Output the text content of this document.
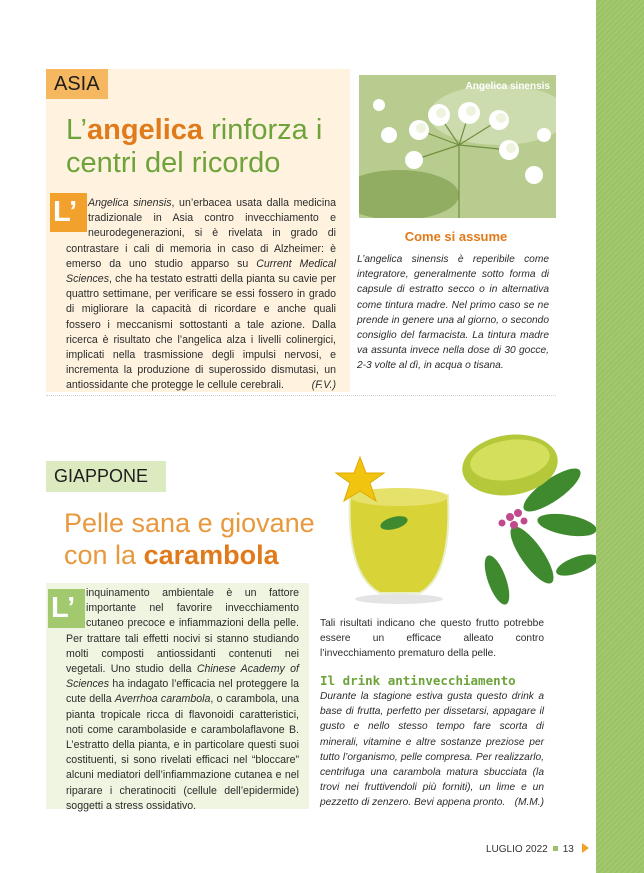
ASIA
L’angelica rinforza i centri del ricordo
L’	Angelica sinensis, un’erbacea usata dalla medicina tradizionale in Asia contro invecchiamento e neurodegenerazioni, si è rivelata in grado di contrastare i cali di memoria in caso di Alzheimer: è emerso da uno studio apparso su Current Medical Sciences, che ha testato estratti della pianta su cavie per quattro settimane, per verificare se essi fossero in grado di migliorare la capacità di ricordare e anche quali fossero i meccanismi sottostanti a tale azione. Dalla ricerca è risultato che l’angelica alza i livelli colinergici, implicati nella trasmissione degli impulsi nervosi, e incrementa la produzione di superossido dismutasi, un antiossidante che protegge le cellule cerebrali.	(F.V.)

Angelica sinensis
Come si assume

L’angelica sinensis è reperibile come integratore, generalmente sotto forma di capsule di estratto secco o in alternativa come tintura madre. Nel primo caso se ne prende in genere una al giorno, o secondo consiglio del farmacista. La tintura madre va assunta invece nella dose di 30 gocce, 2-3 volte al dì, in acqua o tisana.

GIAPPONE
Pelle sana e giovane con la carambola
L’	inquinamento ambientale è un fattore importante nel favorire invecchiamento cutaneo precoce e infiammazioni della pelle. Per trattare tali effetti nocivi si stanno studiando molti composti antiossidanti contenuti nei vegetali. Uno studio della Chinese Academy of Sciences ha indagato l’efficacia nel proteggere la cute della Averrhoa carambola, o carambola, una pianta tropicale ricca di flavonoidi caratteristici, noti come carambolaside e carambolaflavone B. L’estratto della pianta, e in particolare questi suoi costituenti, si sono rivelati efficaci nel “bloccare” alcuni mediatori dell’infiammazione cutanea e nel riparare i cheratinociti (cellule dell’epidermide) soggetti a stress ossidativo.

Tali risultati indicano che questo frutto potrebbe essere un efficace alleato contro l’invecchiamento prematuro della pelle.

Il drink antinvecchiamento

Durante la stagione estiva gusta questo drink a base di frutta, perfetto per dissetarsi, appagare il gusto e nello stesso tempo fare scorta di minerali, vitamine e altre sostanze preziose per tutto l’organismo, pelle compresa. Per realizzarlo, centrifuga una carambola matura sbucciata (la trovi nei fruttivendoli più forniti), un lime e un pezzetto di zenzero. Bevi appena pronto. (M.M.)

LUGLIO 2022 13
